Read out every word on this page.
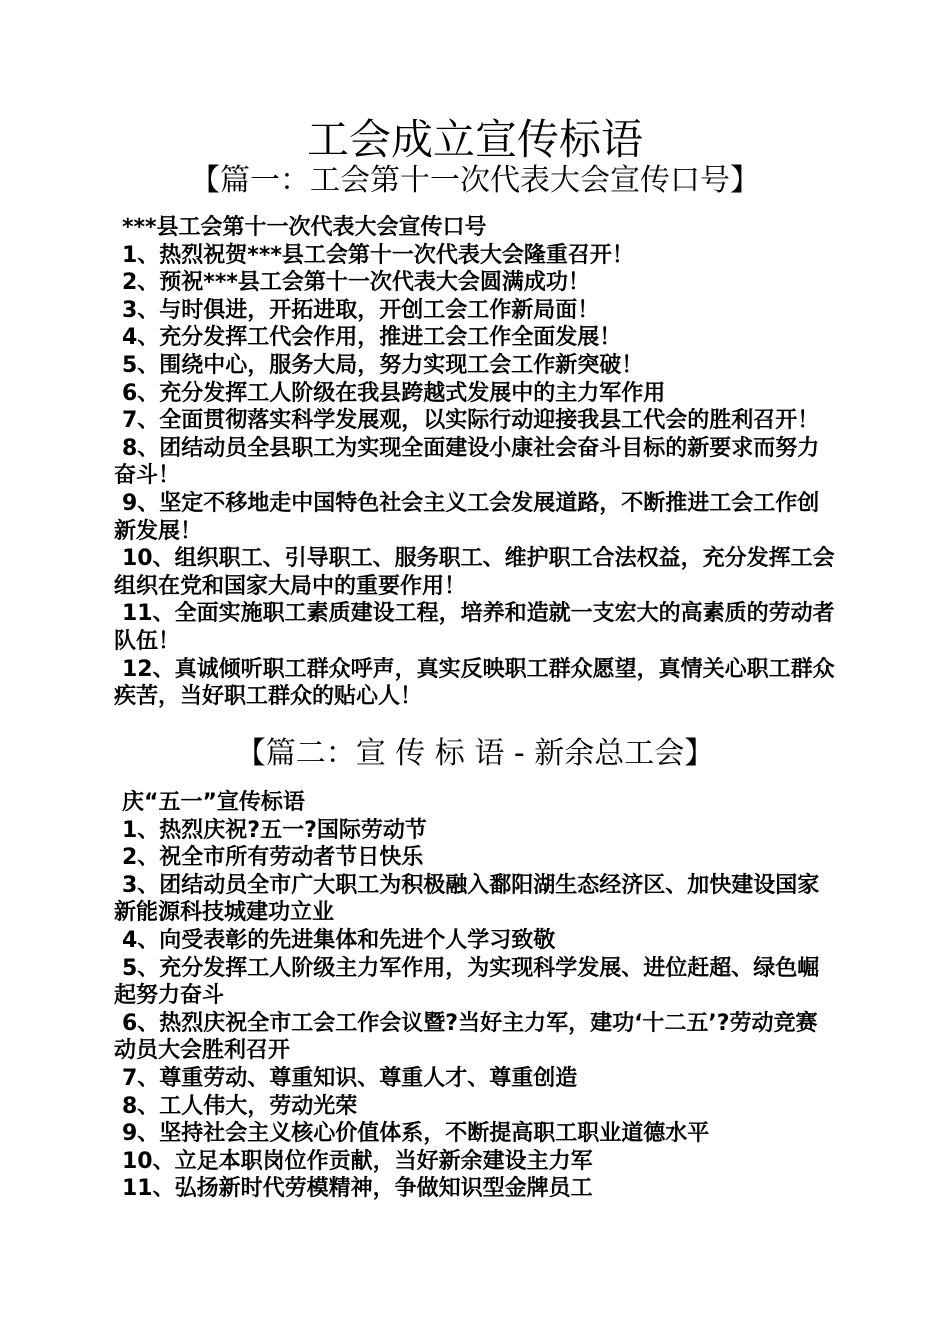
工会成立宣传标语
【篇一：工会第十一次代表大会宣传口号】
***县工会第十一次代表大会宣传口号
1、热烈祝贺***县工会第十一次代表大会隆重召开！
2、预祝***县工会第十一次代表大会圆满成功！
3、与时俱进，开拓进取，开创工会工作新局面！
4、充分发挥工代会作用，推进工会工作全面发展！
5、围绕中心，服务大局，努力实现工会工作新突破！
6、充分发挥工人阶级在我县跨越式发展中的主力军作用
7、全面贯彻落实科学发展观，以实际行动迎接我县工代会的胜利召开！
8、团结动员全县职工为实现全面建设小康社会奋斗目标的新要求而努力奋斗！
9、坚定不移地走中国特色社会主义工会发展道路，不断推进工会工作创新发展！
10、组织职工、引导职工、服务职工、维护职工合法权益，充分发挥工会组织在党和国家大局中的重要作用！
11、全面实施职工素质建设工程，培养和造就一支宏大的高素质的劳动者队伍！
12、真诚倾听职工群众呼声，真实反映职工群众愿望，真情关心职工群众疾苦，当好职工群众的贴心人！
【篇二：宣 传 标 语 - 新余总工会】
庆“五一”宣传标语
1、热烈庆祝?五一?国际劳动节
2、祝全市所有劳动者节日快乐
3、团结动员全市广大职工为积极融入鄱阳湖生态经济区、加快建设国家新能源科技城建功立业
4、向受表彰的先进集体和先进个人学习致敬
5、充分发挥工人阶级主力军作用，为实现科学发展、进位赶超、绿色崛起努力奋斗
6、热烈庆祝全市工会工作会议暨?当好主力军，建功‘十二五’?劳动竞赛动员大会胜利召开
7、尊重劳动、尊重知识、尊重人才、尊重创造
8、工人伟大，劳动光荣
9、坚持社会主义核心价值体系，不断提高职工职业道德水平
10、立足本职岗位作贡献，当好新余建设主力军
11、弘扬新时代劳模精神，争做知识型金牌员工
